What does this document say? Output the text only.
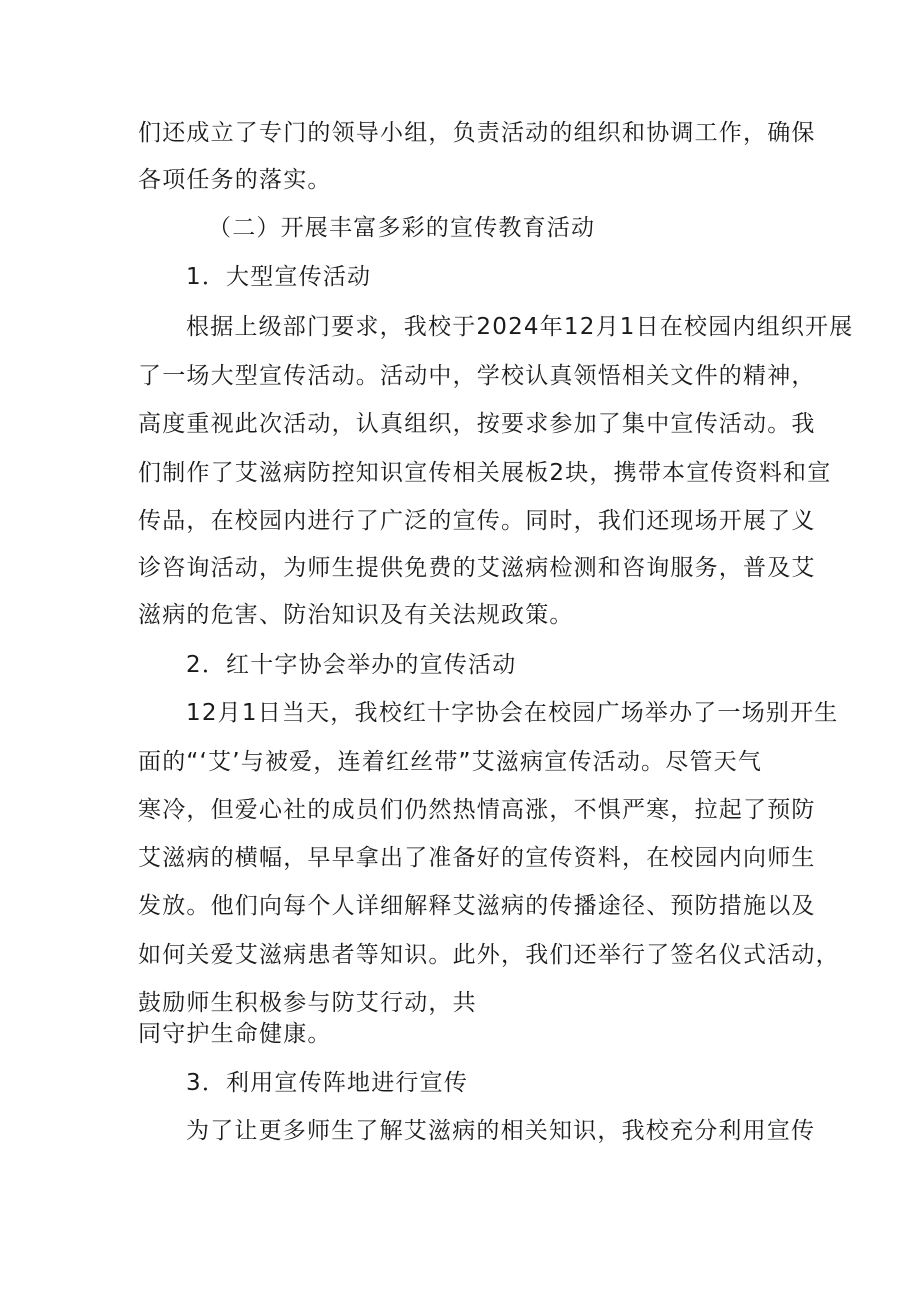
们还成立了专门的领导小组，负责活动的组织和协调工作，确保
各项任务的落实。
（二）开展丰富多彩的宣传教育活动
1．大型宣传活动
根据上级部门要求，我校于2024年12月1日在校园内组织开展
了一场大型宣传活动。活动中，学校认真领悟相关文件的精神，
高度重视此次活动，认真组织，按要求参加了集中宣传活动。我
们制作了艾滋病防控知识宣传相关展板2块，携带本宣传资料和宣
传品，在校园内进行了广泛的宣传。同时，我们还现场开展了义
诊咨询活动，为师生提供免费的艾滋病检测和咨询服务，普及艾
滋病的危害、防治知识及有关法规政策。
2．红十字协会举办的宣传活动
12月1日当天，我校红十字协会在校园广场举办了一场别开生
面的“‘艾’与被爱，连着红丝带”艾滋病宣传活动。尽管天气
寒冷，但爱心社的成员们仍然热情高涨，不惧严寒，拉起了预防
艾滋病的横幅，早早拿出了准备好的宣传资料，在校园内向师生
发放。他们向每个人详细解释艾滋病的传播途径、预防措施以及
如何关爱艾滋病患者等知识。此外，我们还举行了签名仪式活动，
鼓励师生积极参与防艾行动，共
同守护生命健康。
3．利用宣传阵地进行宣传
为了让更多师生了解艾滋病的相关知识，我校充分利用宣传
